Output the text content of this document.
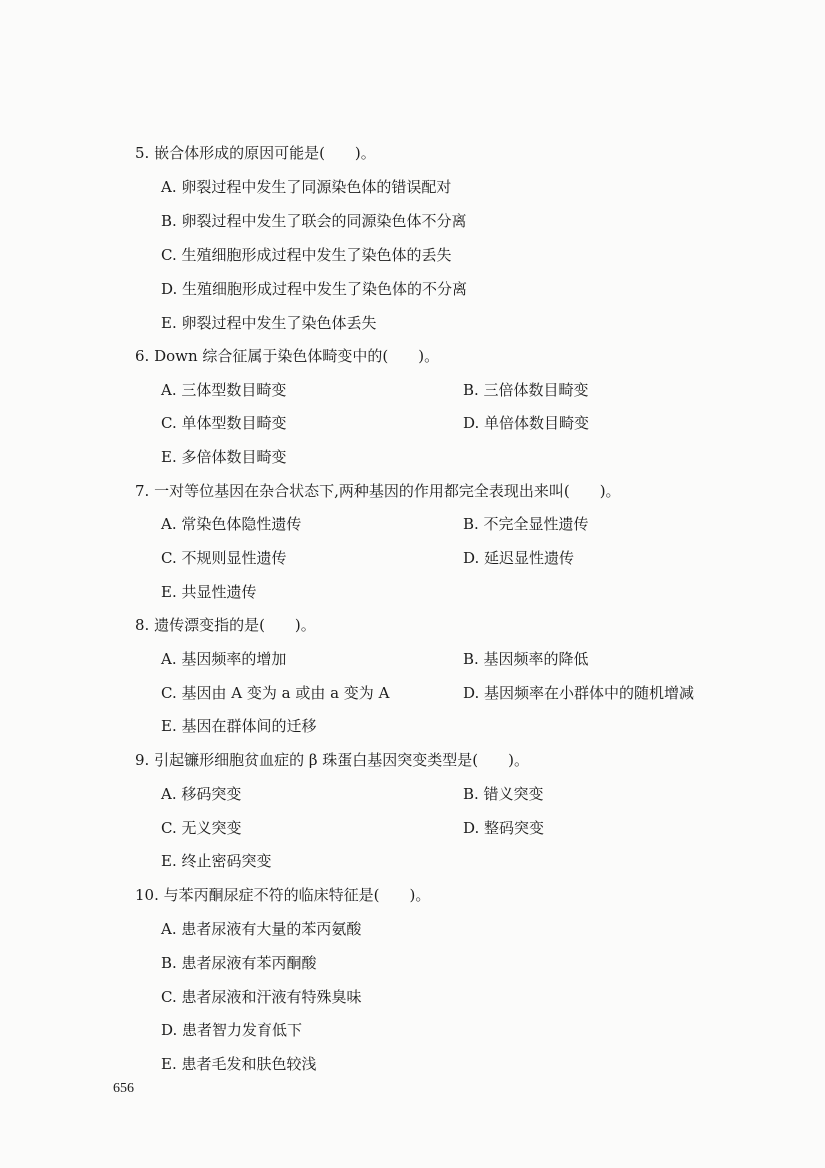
5. 嵌合体形成的原因可能是(　　)。
A. 卵裂过程中发生了同源染色体的错误配对
B. 卵裂过程中发生了联会的同源染色体不分离
C. 生殖细胞形成过程中发生了染色体的丢失
D. 生殖细胞形成过程中发生了染色体的不分离
E. 卵裂过程中发生了染色体丢失
6. Down 综合征属于染色体畸变中的(　　)。
A. 三体型数目畸变	B. 三倍体数目畸变
C. 单体型数目畸变	D. 单倍体数目畸变
E. 多倍体数目畸变
7. 一对等位基因在杂合状态下,两种基因的作用都完全表现出来叫(　　)。
A. 常染色体隐性遗传	B. 不完全显性遗传
C. 不规则显性遗传	D. 延迟显性遗传
E. 共显性遗传
8. 遗传漂变指的是(　　)。
A. 基因频率的增加	B. 基因频率的降低
C. 基因由 A 变为 a 或由 a 变为 A	D. 基因频率在小群体中的随机增减
E. 基因在群体间的迁移
9. 引起镰形细胞贫血症的 β 珠蛋白基因突变类型是(　　)。
A. 移码突变	B. 错义突变
C. 无义突变	D. 整码突变
E. 终止密码突变
10. 与苯丙酮尿症不符的临床特征是(　　)。
A. 患者尿液有大量的苯丙氨酸
B. 患者尿液有苯丙酮酸
C. 患者尿液和汗液有特殊臭味
D. 患者智力发育低下
E. 患者毛发和肤色较浅
656
